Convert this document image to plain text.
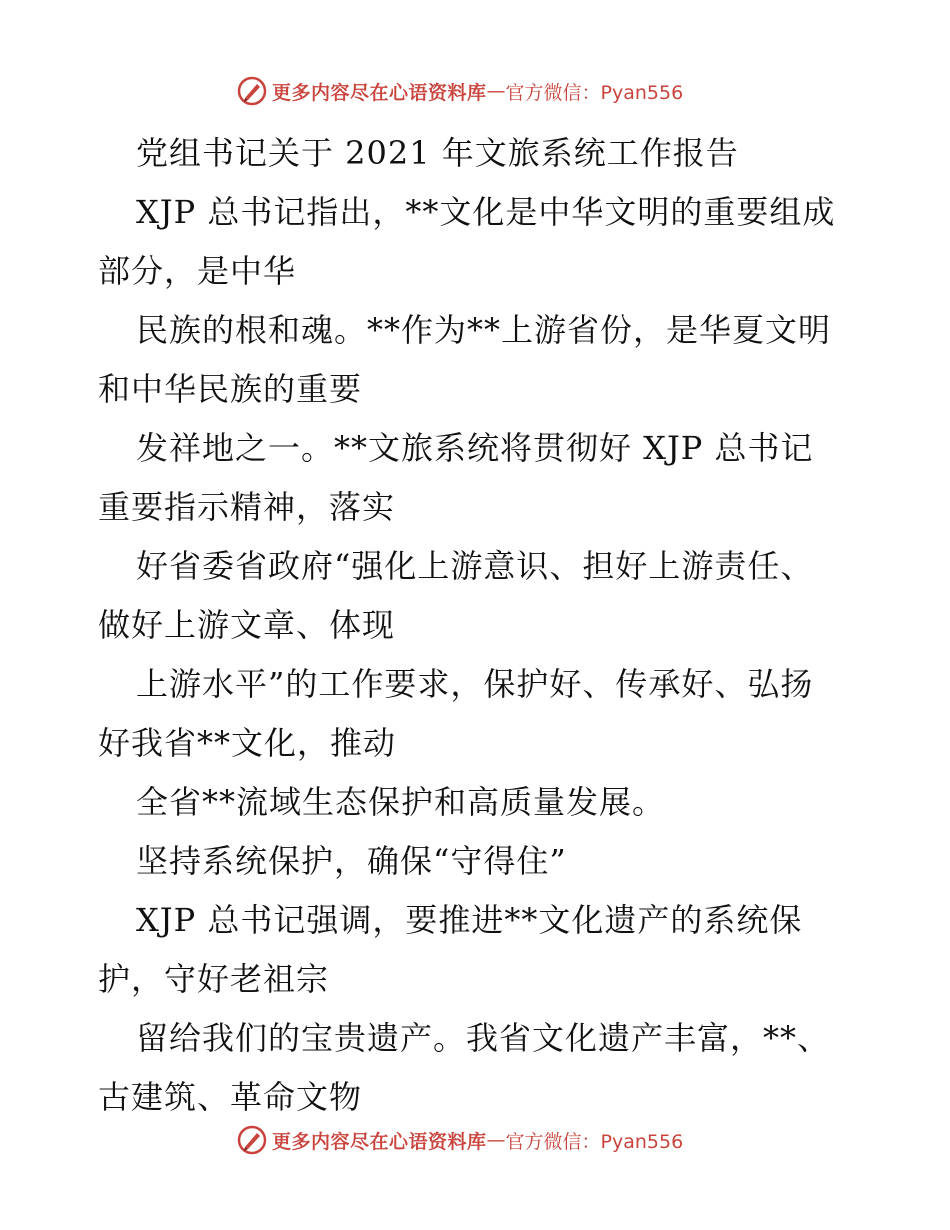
更多内容尽在心语资料库 — 官方微信：Pyan556
党组书记关于 2021 年文旅系统工作报告
XJP 总书记指出，**文化是中华文明的重要组成
部分，是中华
民族的根和魂。**作为**上游省份，是华夏文明
和中华民族的重要
发祥地之一。**文旅系统将贯彻好 XJP 总书记
重要指示精神，落实
好省委省政府“强化上游意识、担好上游责任、
做好上游文章、体现
上游水平”的工作要求，保护好、传承好、弘扬
好我省**文化，推动
全省**流域生态保护和高质量发展。
坚持系统保护，确保“守得住”
XJP 总书记强调，要推进**文化遗产的系统保
护，守好老祖宗
留给我们的宝贵遗产。我省文化遗产丰富，**、
古建筑、革命文物
更多内容尽在心语资料库 — 官方微信：Pyan556
